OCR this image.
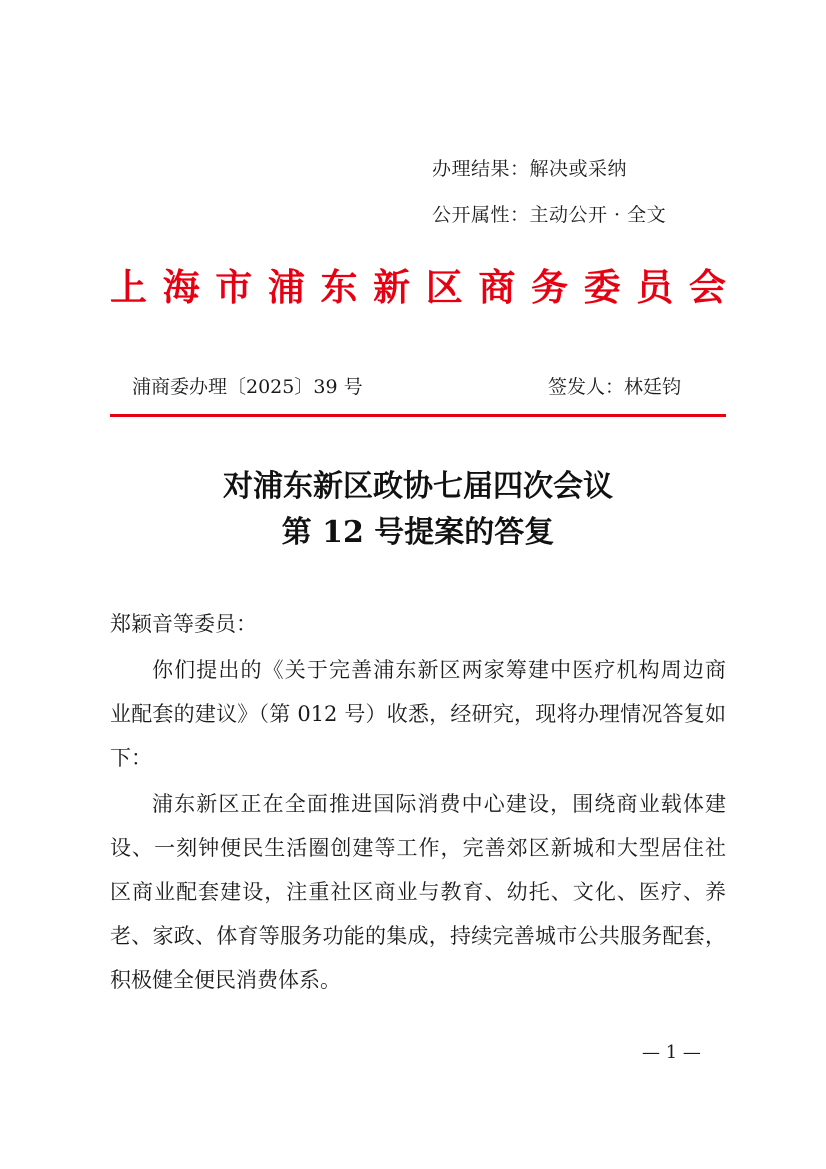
办理结果：解决或采纳
公开属性：主动公开 · 全文
上 海 市 浦 东 新 区 商 务 委 员 会
浦商委办理〔2025〕39 号	签发人：林廷钧
对浦东新区政协七届四次会议
第 12 号提案的答复
郑颖音等委员：
你们提出的《关于完善浦东新区两家筹建中医疗机构周边商
业配套的建议》（第 012 号）收悉，经研究，现将办理情况答复如
下：
浦东新区正在全面推进国际消费中心建设，围绕商业载体建
设、一刻钟便民生活圈创建等工作，完善郊区新城和大型居住社
区商业配套建设，注重社区商业与教育、幼托、文化、医疗、养
老、家政、体育等服务功能的集成，持续完善城市公共服务配套，
积极健全便民消费体系。
— 1 —
